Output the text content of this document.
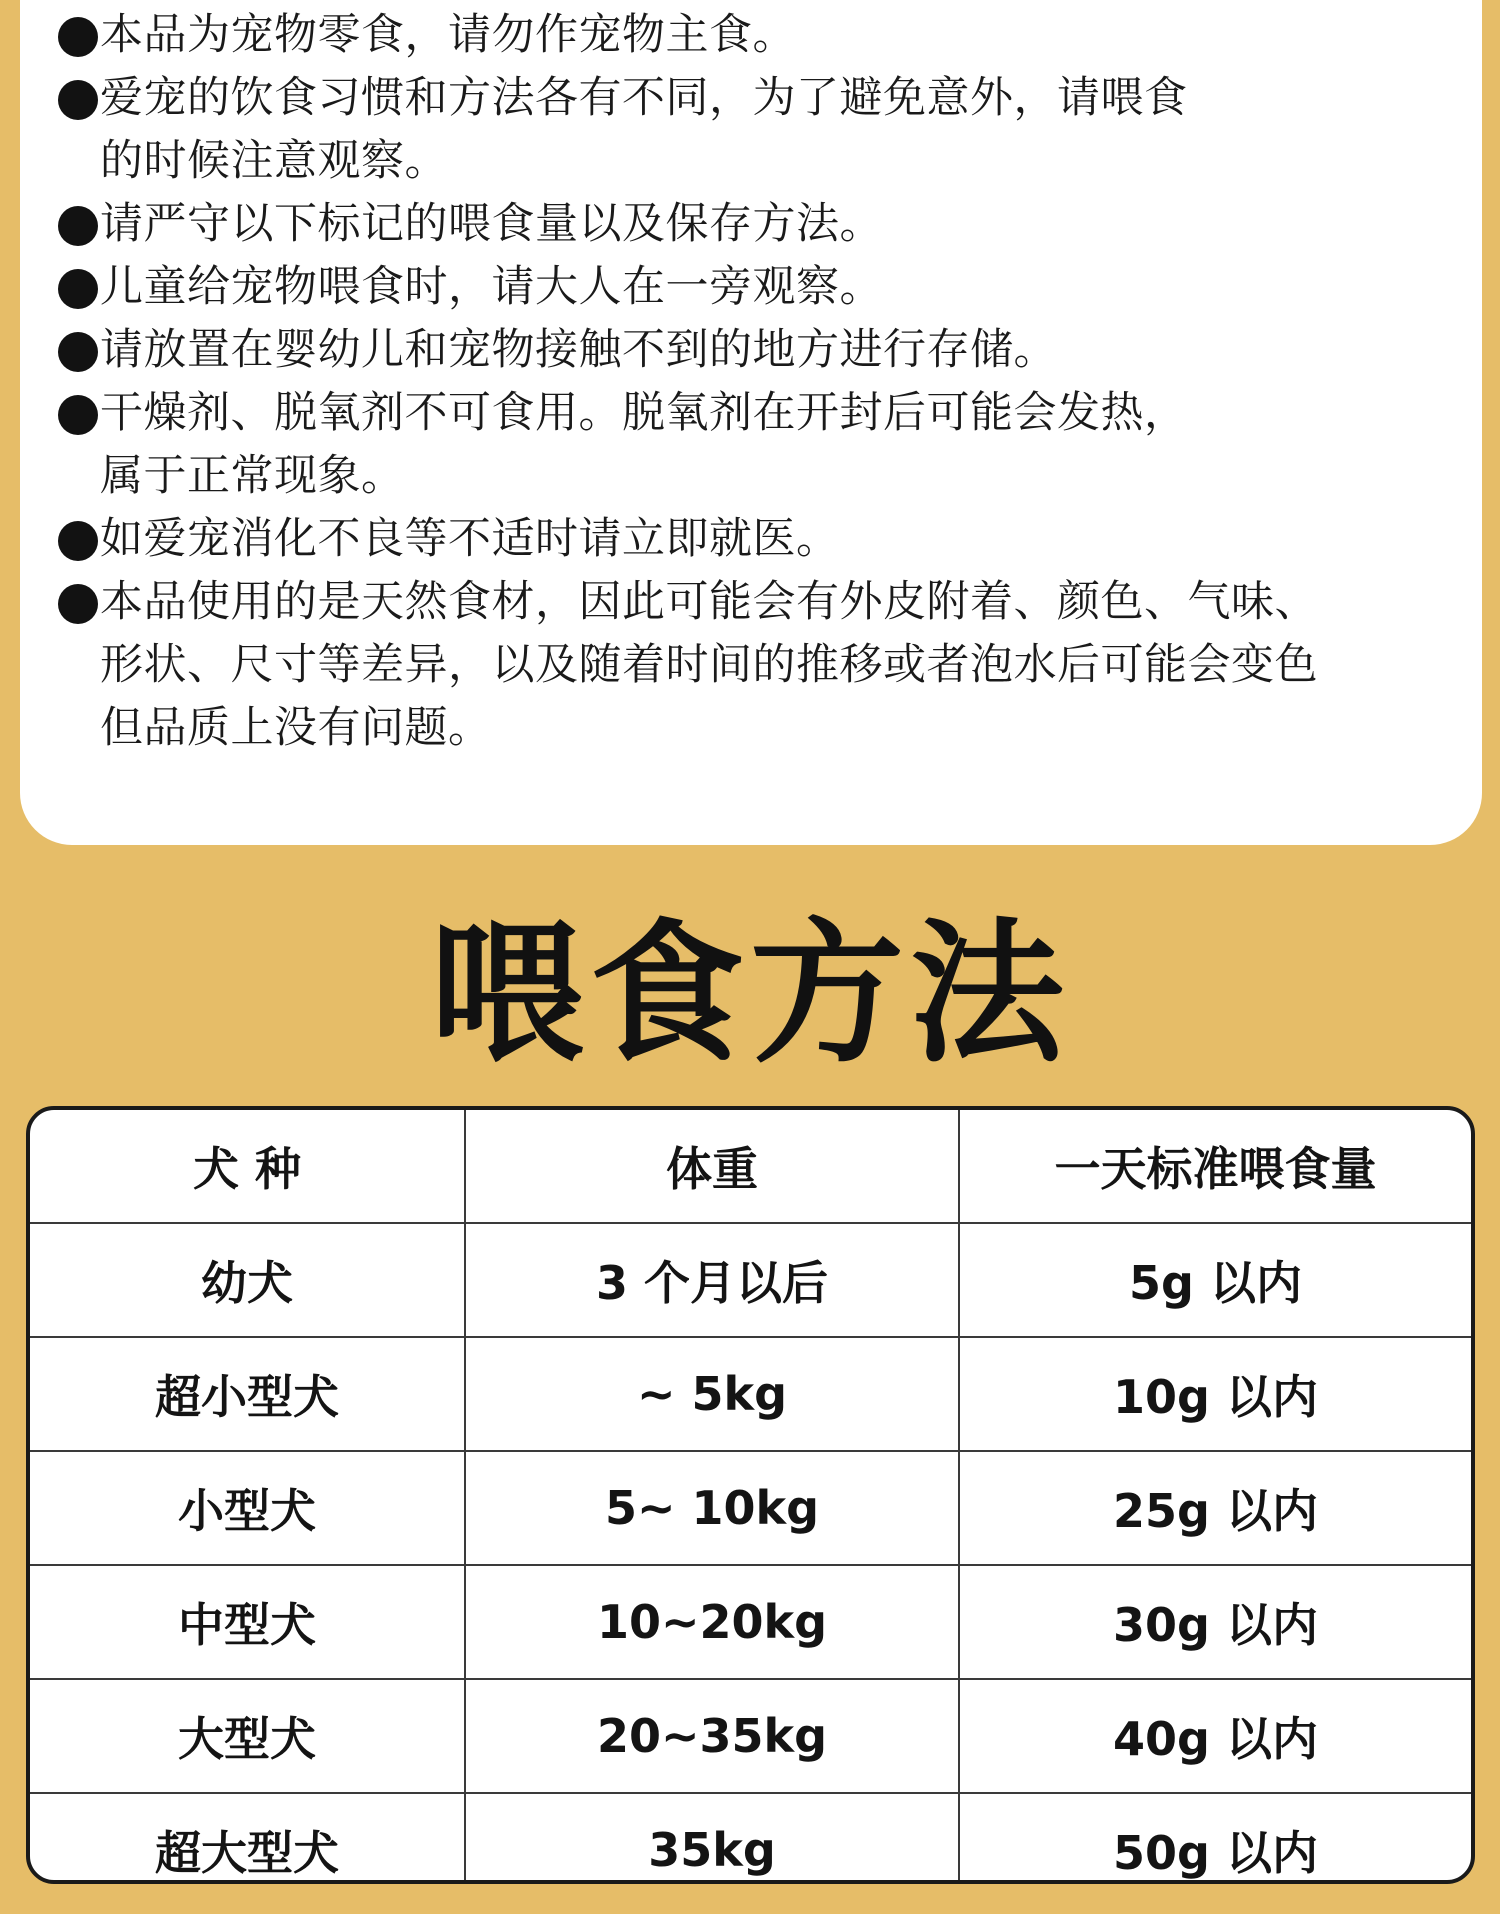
本品为宠物零食，请勿作宠物主食。
爱宠的饮食习惯和方法各有不同，为了避免意外，请喂食
的时候注意观察。
请严守以下标记的喂食量以及保存方法。
儿童给宠物喂食时，请大人在一旁观察。
请放置在婴幼儿和宠物接触不到的地方进行存储。
干燥剂、脱氧剂不可食用。脱氧剂在开封后可能会发热，
属于正常现象。
如爱宠消化不良等不适时请立即就医。
本品使用的是天然食材，因此可能会有外皮附着、颜色、气味、
形状、尺寸等差异，以及随着时间的推移或者泡水后可能会变色
但品质上没有问题。
喂食方法
犬 种	体重	一天标准喂食量
幼犬	3 个月以后	5g 以内
超小型犬	~ 5kg	10g 以内
小型犬	5~ 10kg	25g 以内
中型犬	10~20kg	30g 以内
大型犬	20~35kg	40g 以内
超大型犬	35kg	50g 以内
